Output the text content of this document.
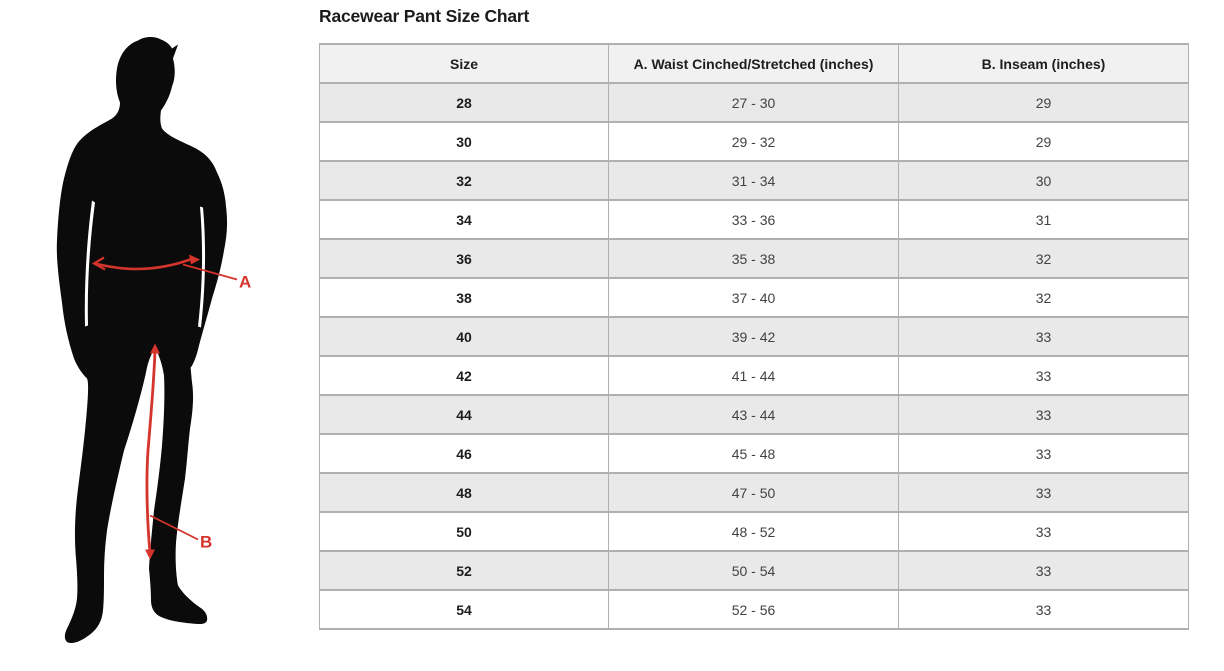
A
B
Racewear Pant Size Chart
Size	A. Waist Cinched/Stretched (inches)	B. Inseam (inches)
28	27 - 30	29
30	29 - 32	29
32	31 - 34	30
34	33 - 36	31
36	35 - 38	32
38	37 - 40	32
40	39 - 42	33
42	41 - 44	33
44	43 - 44	33
46	45 - 48	33
48	47 - 50	33
50	48 - 52	33
52	50 - 54	33
54	52 - 56	33
